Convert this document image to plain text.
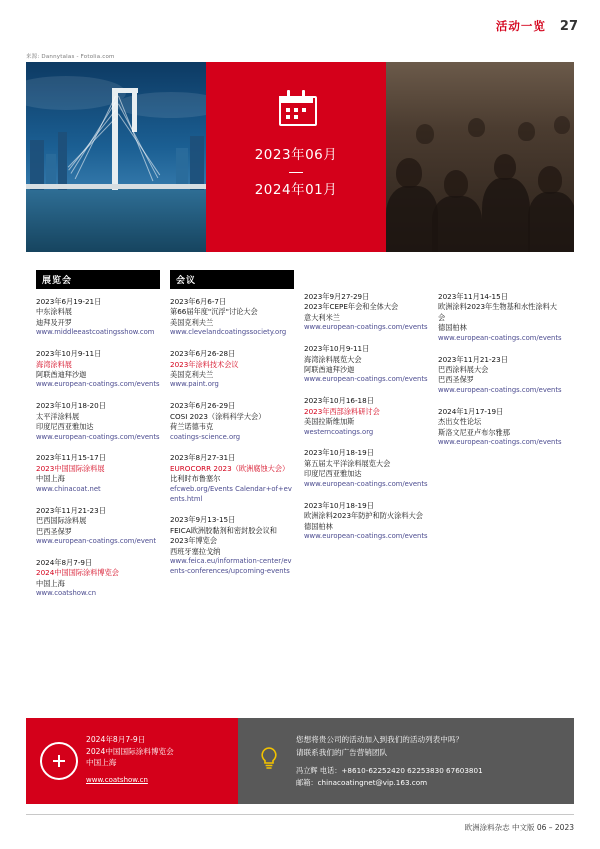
活动一览 27
来源: Dannytalas - Fotolia.com
2023年06月
2024年01月
展览会
2023年6月19-21日
中东涂料展
迪拜及开罗
www.middleeastcoatingsshow.com
2023年10月9-11日
海湾涂料展
阿联酋迪拜沙迦
www.european-coatings.com/events
2023年10月18-20日
太平洋涂料展
印度尼西亚雅加达
www.european-coatings.com/events
2023年11月15-17日
2023中国国际涂料展
中国上海
www.chinacoat.net
2023年11月21-23日
巴西国际涂料展
巴西圣保罗
www.european-coatings.com/event
2024年8月7-9日
2024中国国际涂料博览会
中国上海
www.coatshow.cn
会议
2023年6月6-7日
第66届年度"沉浮"讨论大会
美国克利夫兰
www.clevelandcoatingssociety.org
2023年6月26-28日
2023年涂料技术会议
美国克利夫兰
www.paint.org
2023年6月26-29日
COSI 2023（涂料科学大会）
荷兰诺德韦克
coatings-science.org
2023年8月27-31日
EUROCORR 2023（欧洲腐蚀大会）
比利时布鲁塞尔
efcweb.org/Events Calendar+of+events.html
2023年9月13-15日
FEICA欧洲胶黏剂和密封胶会议和2023年博览会
西班牙塞拉戈纳
www.feica.eu/information-center/events-conferences/upcoming-events
2023年9月27-29日
2023年CEPE年会和全体大会
意大利米兰
www.european-coatings.com/events
2023年10月9-11日
海湾涂料展览大会
阿联酋迪拜沙迦
www.european-coatings.com/events
2023年10月16-18日
2023年西部涂料研讨会
美国拉斯维加斯
westerncoatings.org
2023年10月18-19日
第五届太平洋涂料展览大会
印度尼西亚雅加达
www.european-coatings.com/events
2023年10月18-19日
欧洲涂料2023年防护和防火涂料大会
德国柏林
www.european-coatings.com/events
2023年11月14-15日
欧洲涂料2023年生物基和水性涂料大会
德国柏林
www.european-coatings.com/events
2023年11月21-23日
巴西涂料展大会
巴西圣保罗
www.european-coatings.com/events
2024年1月17-19日
杰出女性论坛
斯洛文尼亚卢布尔雅那
www.european-coatings.com/events
2024年8月7-9日
2024中国国际涂料博览会
中国上海
www.coatshow.cn
您想将贵公司的活动加入到我们的活动列表中吗？
请联系我们的广告营销团队
冯立辉 电话：+8610-62252420 62253830 67603801
邮箱：chinacoatingnet@vip.163.com
欧洲涂料杂志 中文版 06 – 2023
